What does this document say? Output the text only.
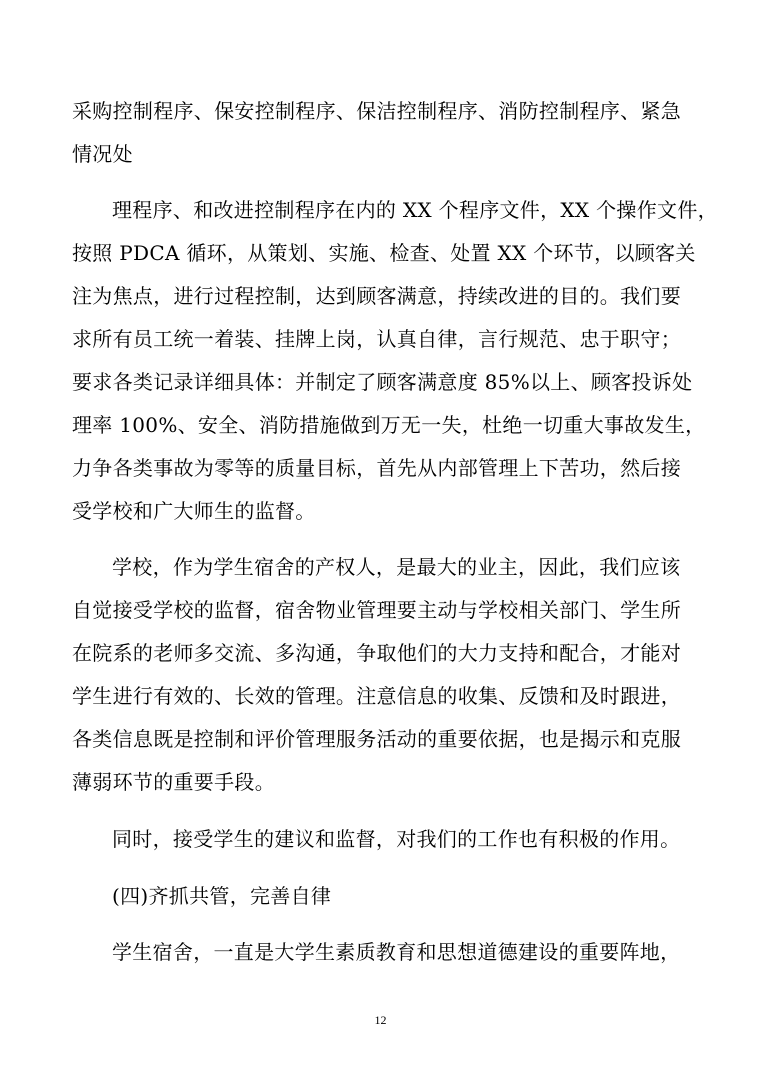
采购控制程序、保安控制程序、保洁控制程序、消防控制程序、紧急

情况处

理程序、和改进控制程序在内的 XX 个程序文件，XX 个操作文件，

按照 PDCA 循环，从策划、实施、检查、处置 XX 个环节，以顾客关

注为焦点，进行过程控制，达到顾客满意，持续改进的目的。我们要

求所有员工统一着装、挂牌上岗，认真自律，言行规范、忠于职守；

要求各类记录详细具体：并制定了顾客满意度 85%以上、顾客投诉处

理率 100%、安全、消防措施做到万无一失，杜绝一切重大事故发生，

力争各类事故为零等的质量目标，首先从内部管理上下苦功，然后接

受学校和广大师生的监督。

学校，作为学生宿舍的产权人，是最大的业主，因此，我们应该

自觉接受学校的监督，宿舍物业管理要主动与学校相关部门、学生所

在院系的老师多交流、多沟通，争取他们的大力支持和配合，才能对

学生进行有效的、长效的管理。注意信息的收集、反馈和及时跟进，

各类信息既是控制和评价管理服务活动的重要依据，也是揭示和克服

薄弱环节的重要手段。

同时，接受学生的建议和监督，对我们的工作也有积极的作用。

(四)齐抓共管，完善自律

学生宿舍，一直是大学生素质教育和思想道德建设的重要阵地，

12
